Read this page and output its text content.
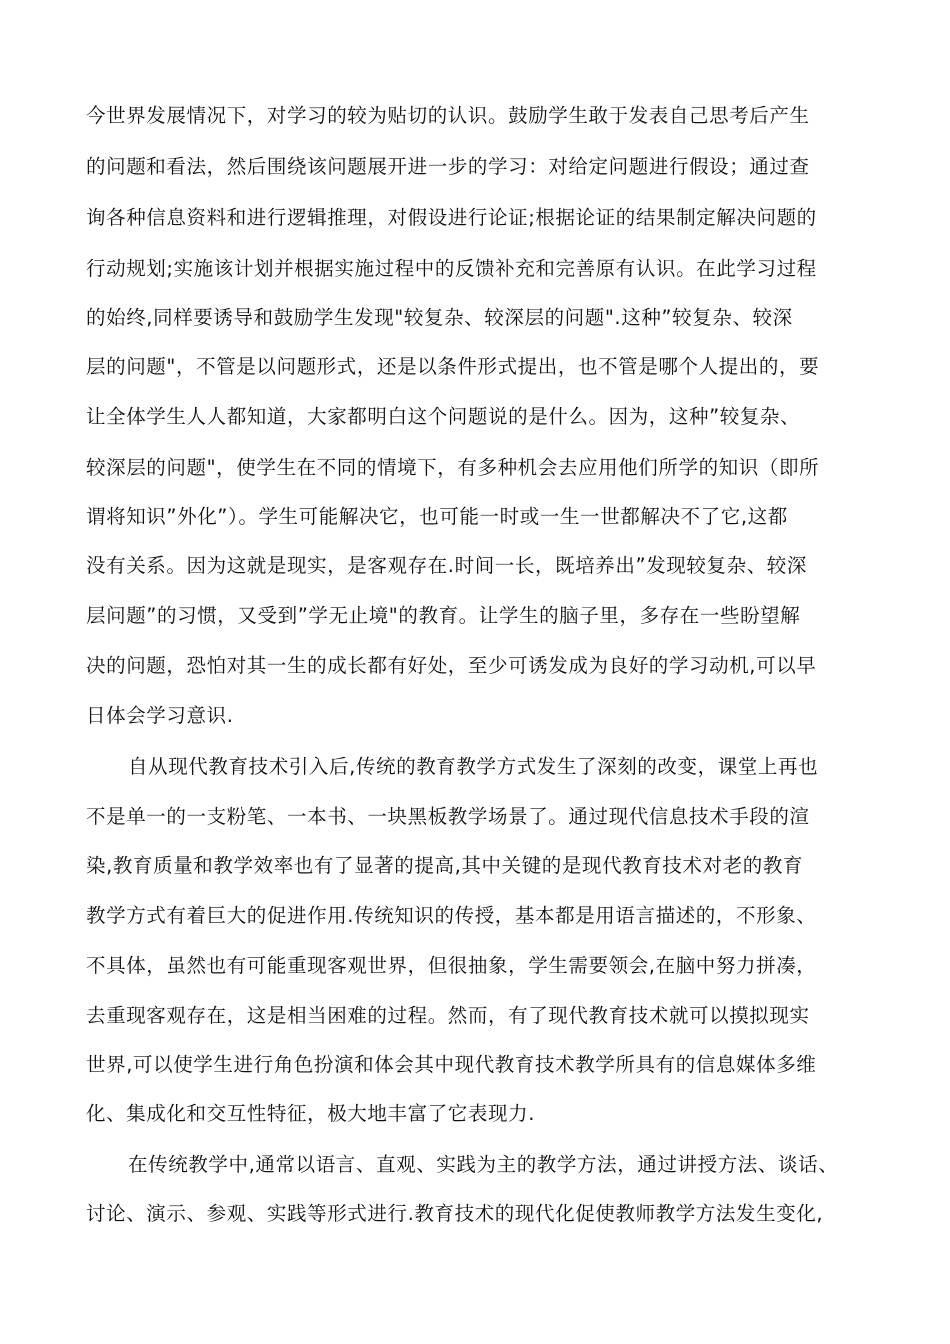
今世界发展情况下，对学习的较为贴切的认识。鼓励学生敢于发表自己思考后产生
的问题和看法，然后围绕该问题展开进一步的学习：对给定问题进行假设；通过查
询各种信息资料和进行逻辑推理，对假设进行论证;根据论证的结果制定解决问题的
行动规划;实施该计划并根据实施过程中的反馈补充和完善原有认识。在此学习过程
的始终,同样要诱导和鼓励学生发现"较复杂、较深层的问题".这种”较复杂、较深
层的问题"，不管是以问题形式，还是以条件形式提出，也不管是哪个人提出的，要
让全体学生人人都知道，大家都明白这个问题说的是什么。因为，这种”较复杂、
较深层的问题"，使学生在不同的情境下，有多种机会去应用他们所学的知识（即所
谓将知识”外化”）。学生可能解决它，也可能一时或一生一世都解决不了它,这都
没有关系。因为这就是现实，是客观存在.时间一长，既培养出”发现较复杂、较深
层问题”的习惯，又受到”学无止境"的教育。让学生的脑子里，多存在一些盼望解
决的问题，恐怕对其一生的成长都有好处，至少可诱发成为良好的学习动机,可以早
日体会学习意识.
自从现代教育技术引入后,传统的教育教学方式发生了深刻的改变，课堂上再也
不是单一的一支粉笔、一本书、一块黑板教学场景了。通过现代信息技术手段的渲
染,教育质量和教学效率也有了显著的提高,其中关键的是现代教育技术对老的教育
教学方式有着巨大的促进作用.传统知识的传授，基本都是用语言描述的，不形象、
不具体，虽然也有可能重现客观世界，但很抽象，学生需要领会,在脑中努力拼凑，
去重现客观存在，这是相当困难的过程。然而，有了现代教育技术就可以摸拟现实
世界,可以使学生进行角色扮演和体会其中现代教育技术教学所具有的信息媒体多维
化、集成化和交互性特征，极大地丰富了它表现力.
在传统教学中,通常以语言、直观、实践为主的教学方法，通过讲授方法、谈话、
讨论、演示、参观、实践等形式进行.教育技术的现代化促使教师教学方法发生变化,
